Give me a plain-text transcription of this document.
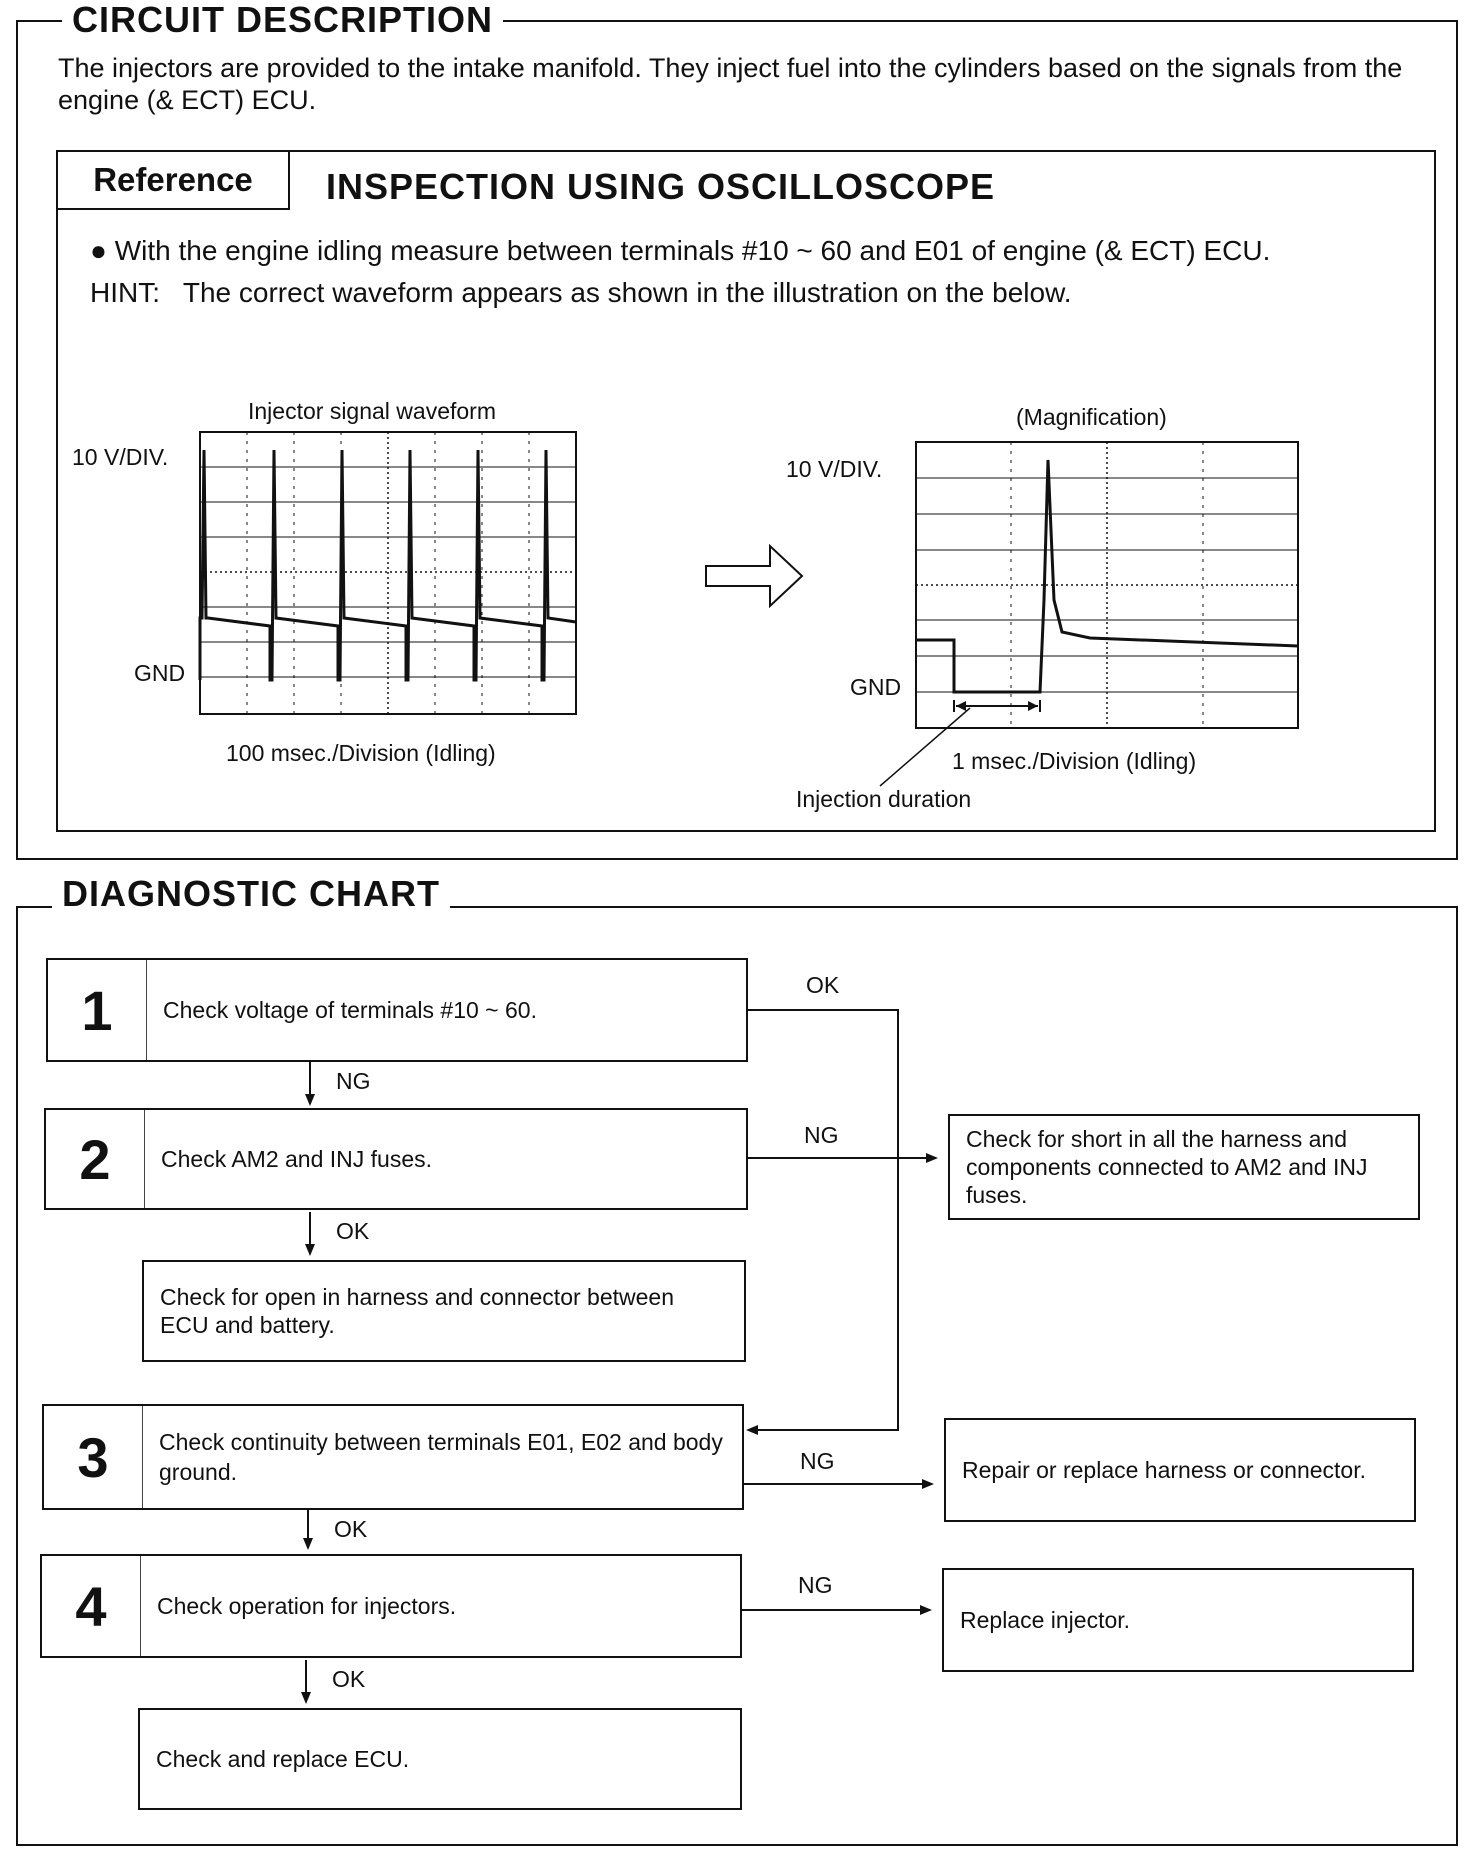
CIRCUIT DESCRIPTION
The injectors are provided to the intake manifold. They inject fuel into the cylinders based on the signals from the engine (& ECT) ECU.
Reference	INSPECTION USING OSCILLOSCOPE
● With the engine idling measure between terminals #10 ~ 60 and E01 of engine (& ECT) ECU.
HINT: The correct waveform appears as shown in the illustration on the below.
Injector signal waveform
10 V/DIV.
GND
100 msec./Division (Idling)
(Magnification)
10 V/DIV.
GND
1 msec./Division (Idling)
Injection duration
DIAGNOSTIC CHART
1	Check voltage of terminals #10 ~ 60.
OK
NG
2	Check AM2 and INJ fuses.
NG
OK
Check for short in all the harness and components connected to AM2 and INJ fuses.
Check for open in harness and connector between ECU and battery.
3	Check continuity between terminals E01, E02 and body ground.	NG
OK
Repair or replace harness or connector.
4	Check operation for injectors.
NG
OK
Replace injector.
Check and replace ECU.
